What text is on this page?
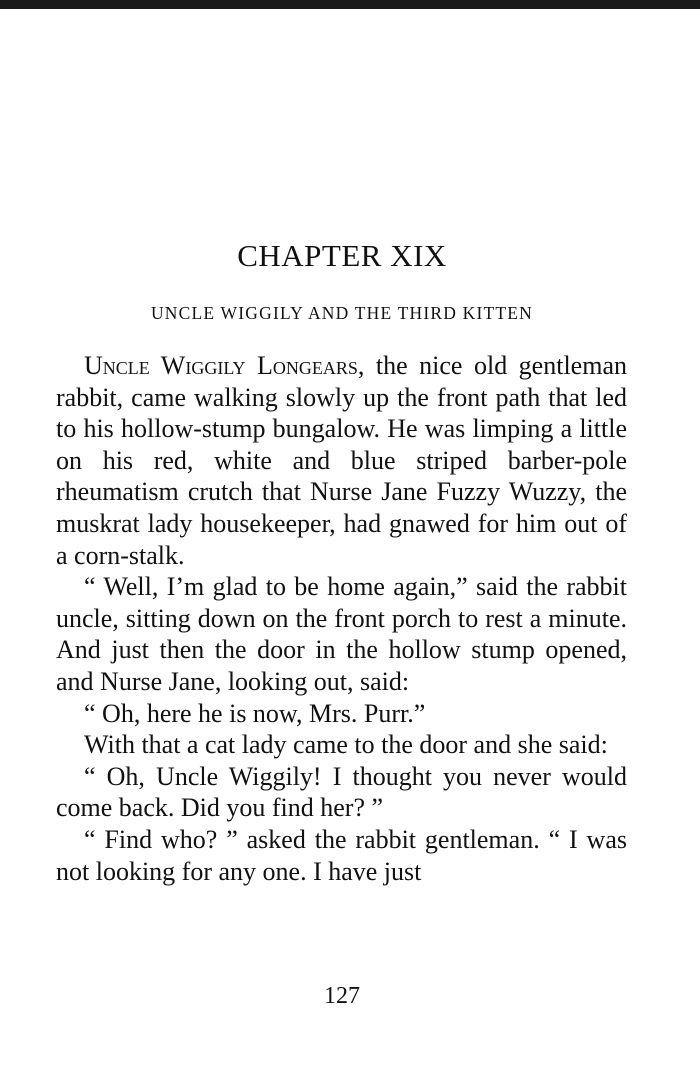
CHAPTER XIX
UNCLE WIGGILY AND THE THIRD KITTEN

Uncle Wiggily Longears, the nice old gentleman rabbit, came walking slowly up the front path that led to his hollow-stump bungalow. He was limping a little on his red, white and blue striped barber-pole rheumatism crutch that Nurse Jane Fuzzy Wuzzy, the muskrat lady housekeeper, had gnawed for him out of a corn-stalk.

“ Well, I’m glad to be home again,” said the rabbit uncle, sitting down on the front porch to rest a minute. And just then the door in the hollow stump opened, and Nurse Jane, looking out, said:

“ Oh, here he is now, Mrs. Purr.”

With that a cat lady came to the door and she said:

“ Oh, Uncle Wiggily! I thought you never would come back. Did you find her? ”

“ Find who? ” asked the rabbit gentleman. “ I was not looking for any one. I have just

127
